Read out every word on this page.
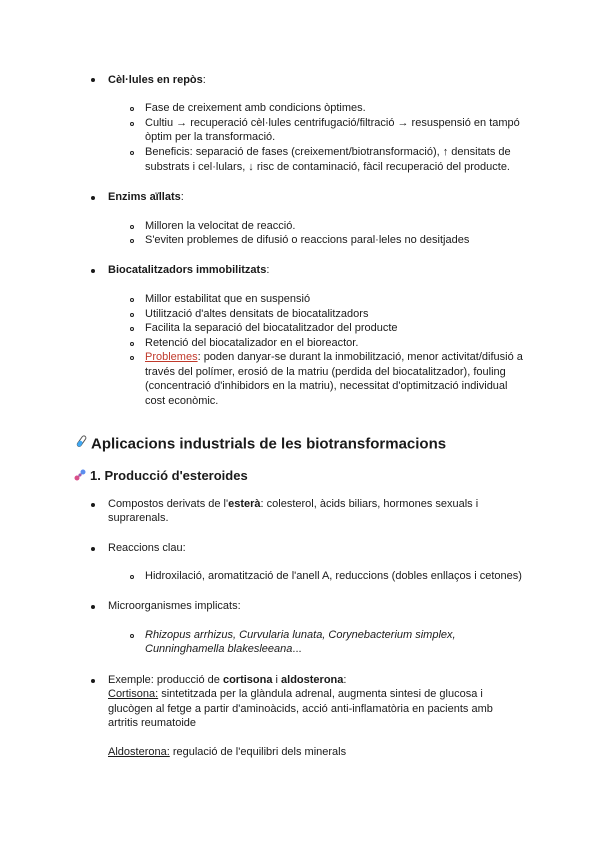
Cèl·lules en repòs:
Fase de creixement amb condicions òptimes.
Cultiu → recuperació cèl·lules centrifugació/filtració → resuspensió en tampó
òptim per la transformació.
Beneficis: separació de fases (creixement/biotransformació), ↑ densitats de
substrats i cel·lulars, ↓ risc de contaminació, fàcil recuperació del producte.
Enzims aïllats:
Milloren la velocitat de reacció.
S'eviten problemes de difusió o reaccions paral·leles no desitjades
Biocatalitzadors immobilitzats:
Millor estabilitat que en suspensió
Utilització d'altes densitats de biocatalitzadors
Facilita la separació del biocatalitzador del producte
Retenció del biocatalizador en el bioreactor.
Problemes: poden danyar-se durant la inmobilització, menor activitat/difusió a
través del polímer, erosió de la matriu (perdida del biocatalitzador), fouling
(concentració d'inhibidors en la matriu), necessitat d'optimització individual
cost econòmic.
Aplicacions industrials de les biotransformacions
1. Producció d'esteroides
Compostos derivats de l'esterà: colesterol, àcids biliars, hormones sexuals i
suprarenals.
Reaccions clau:
Hidroxilació, aromatització de l'anell A, reduccions (dobles enllaços i cetones)
Microorganismes implicats:
Rhizopus arrhizus, Curvularia lunata, Corynebacterium simplex,
Cunninghamella blakesleeana...
Exemple: producció de cortisona i aldosterona:
Cortisona: sintetitzada per la glàndula adrenal, augmenta sintesi de glucosa i
glucògen al fetge a partir d'aminoàcids, acció anti-inflamatòria en pacients amb
artritis reumatoide
Aldosterona: regulació de l'equilibri dels minerals
